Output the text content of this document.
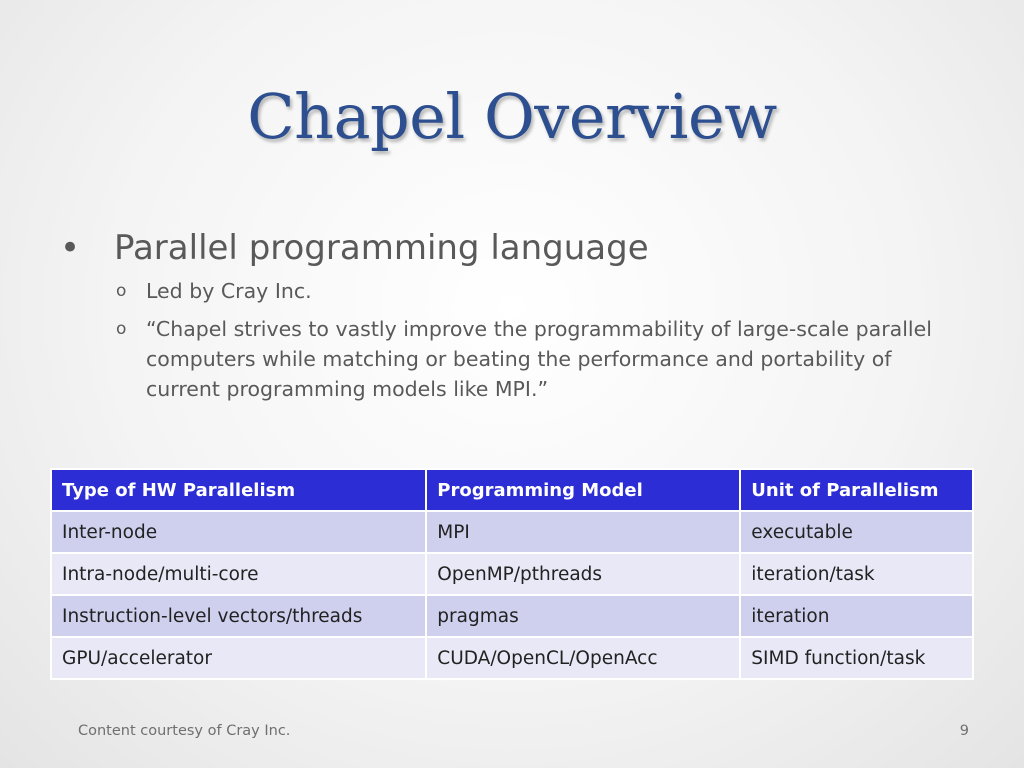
Chapel Overview
• Parallel programming language
o Led by Cray Inc.
o “Chapel strives to vastly improve the programmability of large-scale parallel computers while matching or beating the performance and portability of current programming models like MPI.”
Type of HW Parallelism	Programming Model	Unit of Parallelism
Inter-node	MPI	executable
Intra-node/multi-core	OpenMP/pthreads	iteration/task
Instruction-level vectors/threads	pragmas	iteration
GPU/accelerator	CUDA/OpenCL/OpenAcc	SIMD function/task
Content courtesy of Cray Inc.	9
